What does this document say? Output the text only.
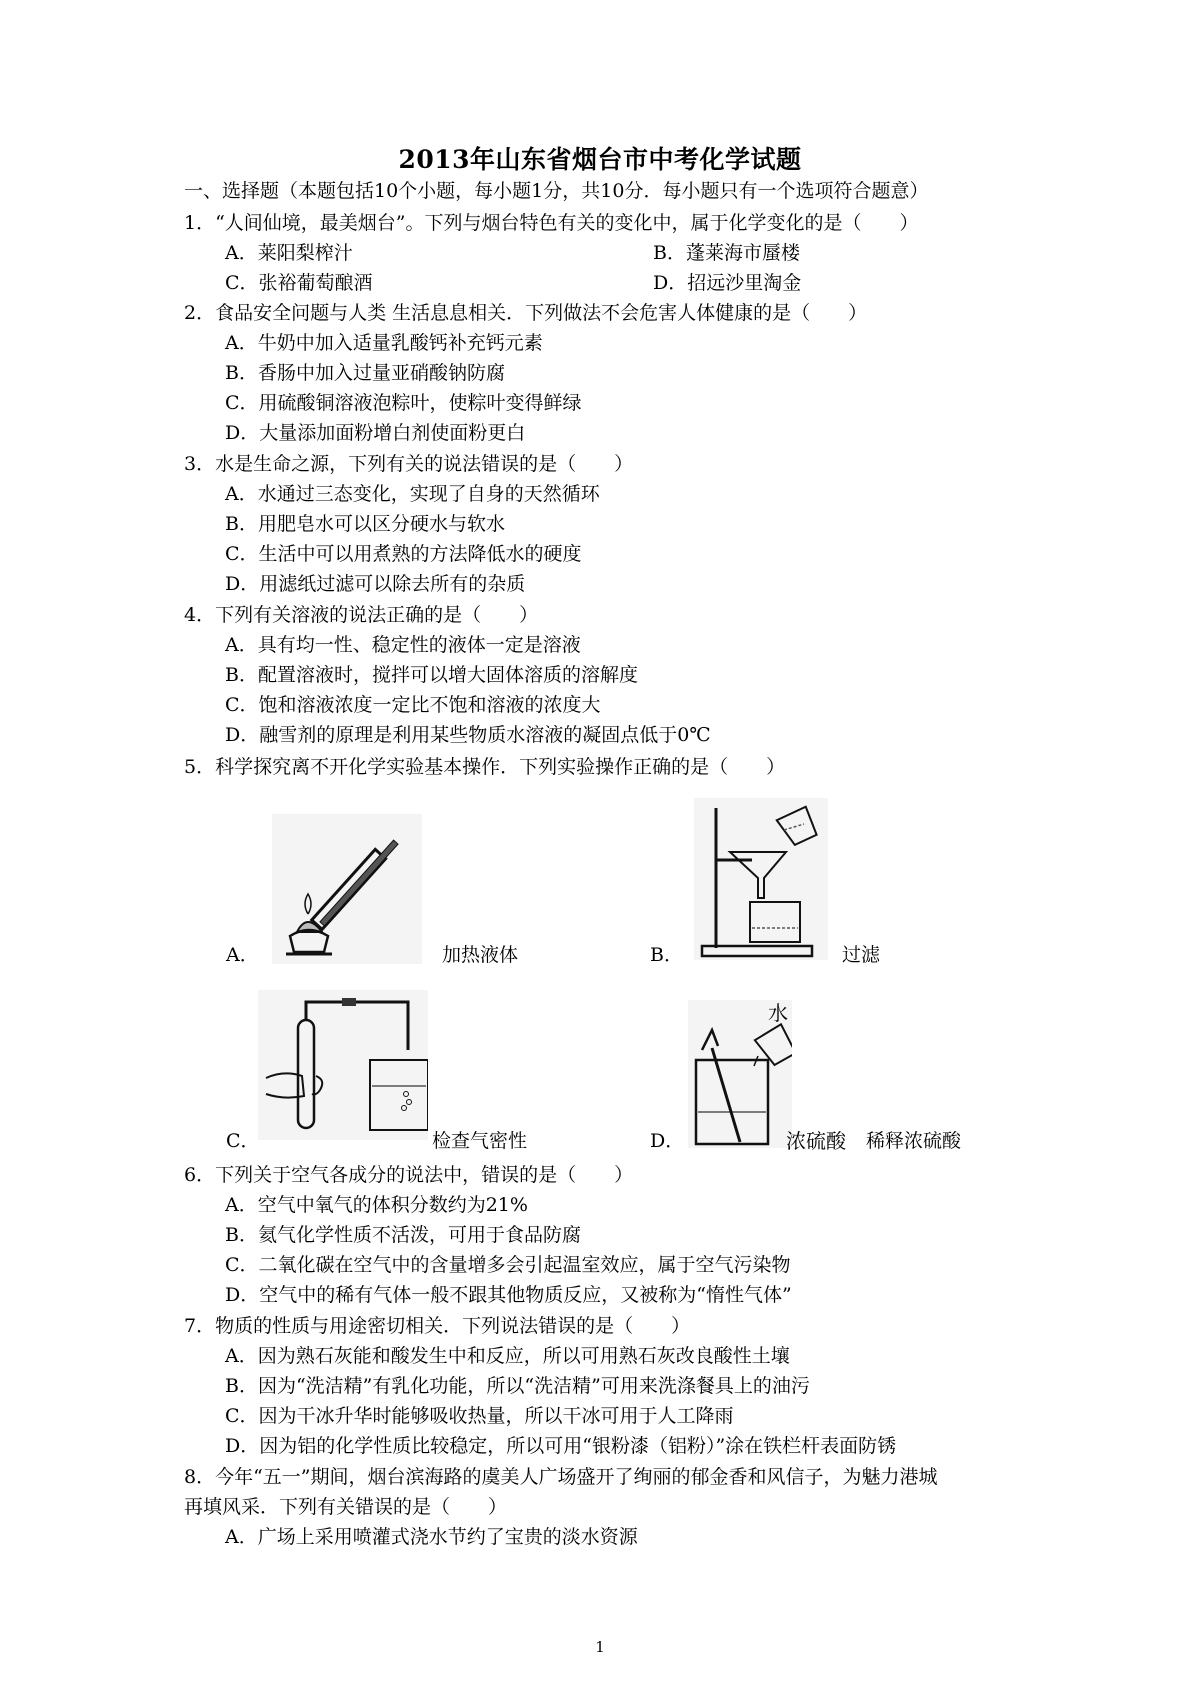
2013年山东省烟台市中考化学试题
一、选择题（本题包括10个小题，每小题1分，共10分．每小题只有一个选项符合题意）
1．“人间仙境，最美烟台”。下列与烟台特色有关的变化中，属于化学变化的是（　　）
A．莱阳梨榨汁	B．蓬莱海市蜃楼
C．张裕葡萄酿酒	D．招远沙里淘金
2．食品安全问题与人类 生活息息相关．下列做法不会危害人体健康的是（　　）
A．牛奶中加入适量乳酸钙补充钙元素
B．香肠中加入过量亚硝酸钠防腐
C．用硫酸铜溶液泡粽叶，使粽叶变得鲜绿
D．大量添加面粉增白剂使面粉更白
3．水是生命之源，下列有关的说法错误的是（　　）
A．水通过三态变化，实现了自身的天然循环
B．用肥皂水可以区分硬水与软水
C．生活中可以用煮熟的方法降低水的硬度
D．用滤纸过滤可以除去所有的杂质
4．下列有关溶液的说法正确的是（　　）
A．具有均一性、稳定性的液体一定是溶液
B．配置溶液时，搅拌可以增大固体溶质的溶解度
C．饱和溶液浓度一定比不饱和溶液的浓度大
D．融雪剂的原理是利用某些物质水溶液的凝固点低于0℃
5．科学探究离不开化学实验基本操作．下列实验操作正确的是（　　）
A．	加热液体	B．	过滤
C．	检查气密性
水
浓硫酸
D．	稀释浓硫酸
6．下列关于空气各成分的说法中，错误的是（　　）
A．空气中氧气的体积分数约为21%
B．氦气化学性质不活泼，可用于食品防腐
C．二氧化碳在空气中的含量增多会引起温室效应，属于空气污染物
D．空气中的稀有气体一般不跟其他物质反应，又被称为“惰性气体”
7．物质的性质与用途密切相关．下列说法错误的是（　　）
A．因为熟石灰能和酸发生中和反应，所以可用熟石灰改良酸性土壤
B．因为“洗洁精”有乳化功能，所以“洗洁精”可用来洗涤餐具上的油污
C．因为干冰升华时能够吸收热量，所以干冰可用于人工降雨
D．因为铝的化学性质比较稳定，所以可用“银粉漆（铝粉）”涂在铁栏杆表面防锈
8．今年“五一”期间，烟台滨海路的虞美人广场盛开了绚丽的郁金香和风信子，为魅力港城
再填风采．下列有关错误的是（　　）
A．广场上采用喷灌式浇水节约了宝贵的淡水资源
1
